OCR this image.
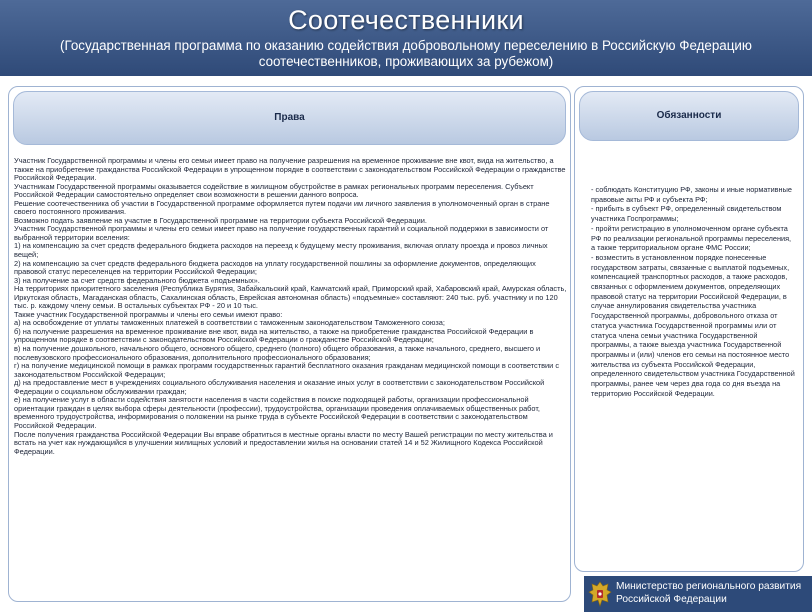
Соотечественники
(Государственная программа по оказанию содействия добровольному переселению в Российскую Федерацию соотечественников, проживающих за рубежом)
Права

Участник Государственной программы и члены его семьи имеет право на получение разрешения на временное проживание вне квот, вида на жительство, а также на приобретение гражданства Российской Федерации в упрощенном порядке в соответствии с законодательством Российской Федерации о гражданстве Российской Федерации.

Участникам Государственной программы оказывается содействие в жилищном обустройстве в рамках региональных программ переселения. Субъект Российской Федерации самостоятельно определяет свои возможности в решении данного вопроса.

Решение соотечественника об участии в Государственной программе оформляется путем подачи им личного заявления в уполномоченный орган в стране своего постоянного проживания.

Возможно подать заявление на участие в Государственной программе на территории субъекта Российской Федерации.

Участник Государственной программы и члены его семьи имеет право на получение государственных гарантий и социальной поддержки в зависимости от выбранной территории вселения:

1) на компенсацию за счет средств федерального бюджета расходов на переезд к будущему месту проживания, включая оплату проезда и провоз личных вещей;

2) на компенсацию за счет средств федерального бюджета расходов на уплату государственной пошлины за оформление документов, определяющих правовой статус переселенцев на территории Российской Федерации;

3) на получение за счет средств федерального бюджета «подъемных».

На территориях приоритетного заселения (Республика Бурятия, Забайкальский край, Камчатский край, Приморский край, Хабаровский край, Амурская область, Иркутская область, Магаданская область, Сахалинская область, Еврейская автономная область) «подъемные» составляют: 240 тыс. руб. участнику и по 120 тыс. р. каждому члену семьи. В остальных субъектах РФ - 20 и 10 тыс.

Также участник Государственной программы и члены его семьи имеют право:

а) на освобождение от уплаты таможенных платежей в соответствии с таможенным законодательством Таможенного союза;

б) на получение разрешения на временное проживание вне квот, вида на жительство, а также на приобретение гражданства Российской Федерации в упрощенном порядке в соответствии с законодательством Российской Федерации о гражданстве Российской Федерации;

в) на получение дошкольного, начального общего, основного общего, среднего (полного) общего образования, а также начального, среднего, высшего и послевузовского профессионального образования, дополнительного профессионального образования;

г) на получение медицинской помощи в рамках программ государственных гарантий бесплатного оказания гражданам медицинской помощи в соответствии с законодательством Российской Федерации;

д) на предоставление мест в учреждениях социального обслуживания населения и оказание иных услуг в соответствии с законодательством Российской Федерации о социальном обслуживании граждан;

е) на получение услуг в области содействия занятости населения в части содействия в поиске подходящей работы, организации профессиональной ориентации граждан в целях выбора сферы деятельности (профессии), трудоустройства, организации проведения оплачиваемых общественных работ, временного трудоустройства, информирования о положении на рынке труда в субъекте Российской Федерации в соответствии с законодательством Российской Федерации.

После получения гражданства Российской Федерации Вы вправе обратиться в местные органы власти по месту Вашей регистрации по месту жительства и встать на учет как нуждающийся в улучшении жилищных условий и предоставлении жилья на основании статей 14 и 52 Жилищного Кодекса Российской Федерации.

Обязанности
- соблюдать Конституцию РФ, законы и иные нормативные правовые акты РФ и субъекта РФ;
- прибыть в субъект РФ, определенный свидетельством участника Госпрограммы;
- пройти регистрацию в уполномоченном органе субъекта РФ по реализации региональной программы переселения, а также территориальном органе ФМС России;
- возместить в установленном порядке понесенные государством затраты, связанные с выплатой подъемных, компенсацией транспортных расходов, а также расходов, связанных с оформлением документов, определяющих правовой статус на территории Российской Федерации, в случае аннулирования свидетельства участника Государственной программы, добровольного отказа от статуса участника Государственной программы или от статуса члена семьи участника Государственной программы, а также выезда участника Государственной программы и (или) членов его семьи на постоянное место жительства из субъекта Российской Федерации, определенного свидетельством участника Государственной программы, ранее чем через два года со дня въезда на территорию Российской Федерации.
Министерство регионального развития
Российской Федерации
